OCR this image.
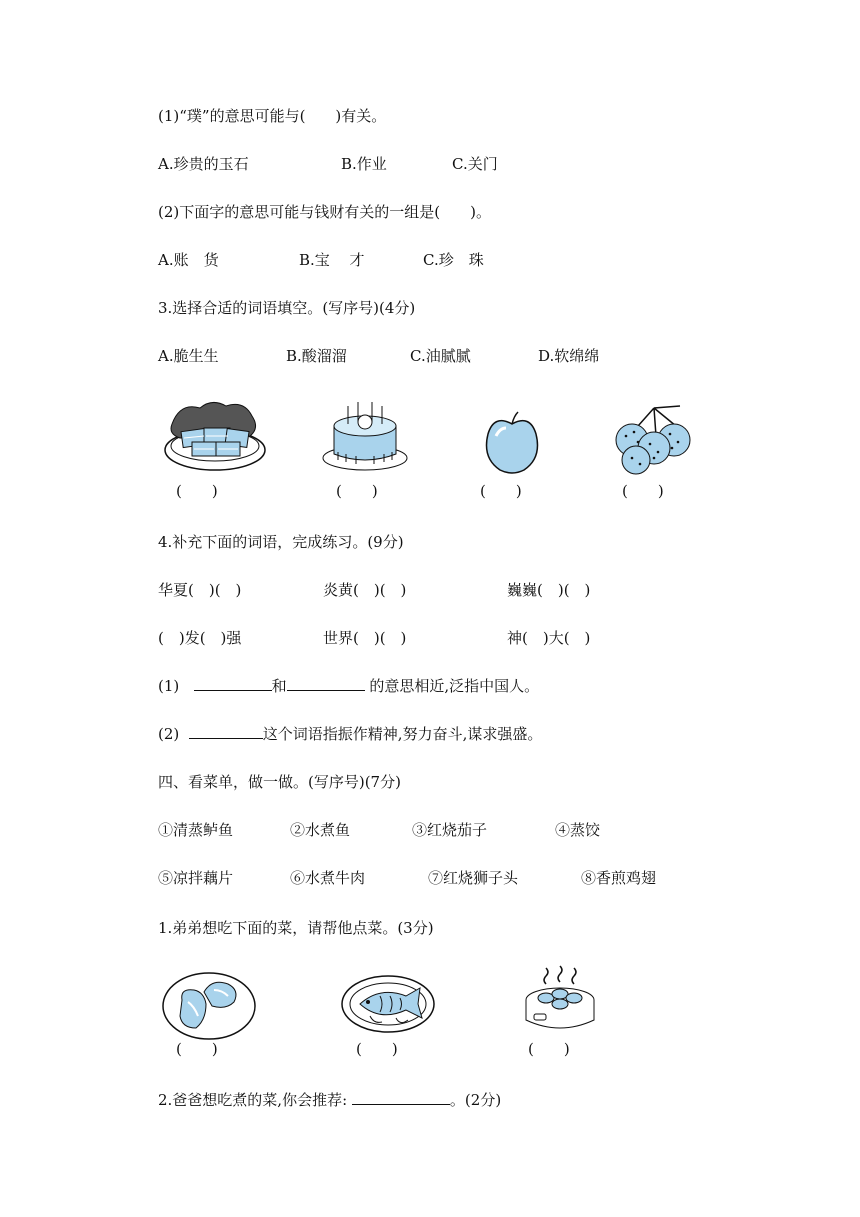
(1)“璞”的意思可能与(　　)有关。
A.珍贵的玉石	B.作业	C.关门
(2)下面字的意思可能与钱财有关的一组是(　　)。
A.账　货	B.宝　 才	C.珍　珠
3.选择合适的词语填空。(写序号)(4分)
A.脆生生	B.酸溜溜	C.油腻腻	D.软绵绵
(　　)	(　　)	(　　)	(　　)
4.补充下面的词语，完成练习。(9分)
华夏(　)(　)	炎黄(　)(　)	巍巍(　)(　)
(　)发(　)强	世界(　)(　)	神(　)大(　)
(1)	和	的意思相近,泛指中国人。
(2)	这个词语指振作精神,努力奋斗,谋求强盛。
四、看菜单，做一做。(写序号)(7分)
①清蒸鲈鱼	②水煮鱼	③红烧茄子	④蒸饺
⑤凉拌藕片	⑥水煮牛肉	⑦红烧狮子头	⑧香煎鸡翅
1.弟弟想吃下面的菜，请帮他点菜。(3分)
(　　)	(　　)	(　　)
2.爸爸想吃煮的菜,你会推荐:	。(2分)
